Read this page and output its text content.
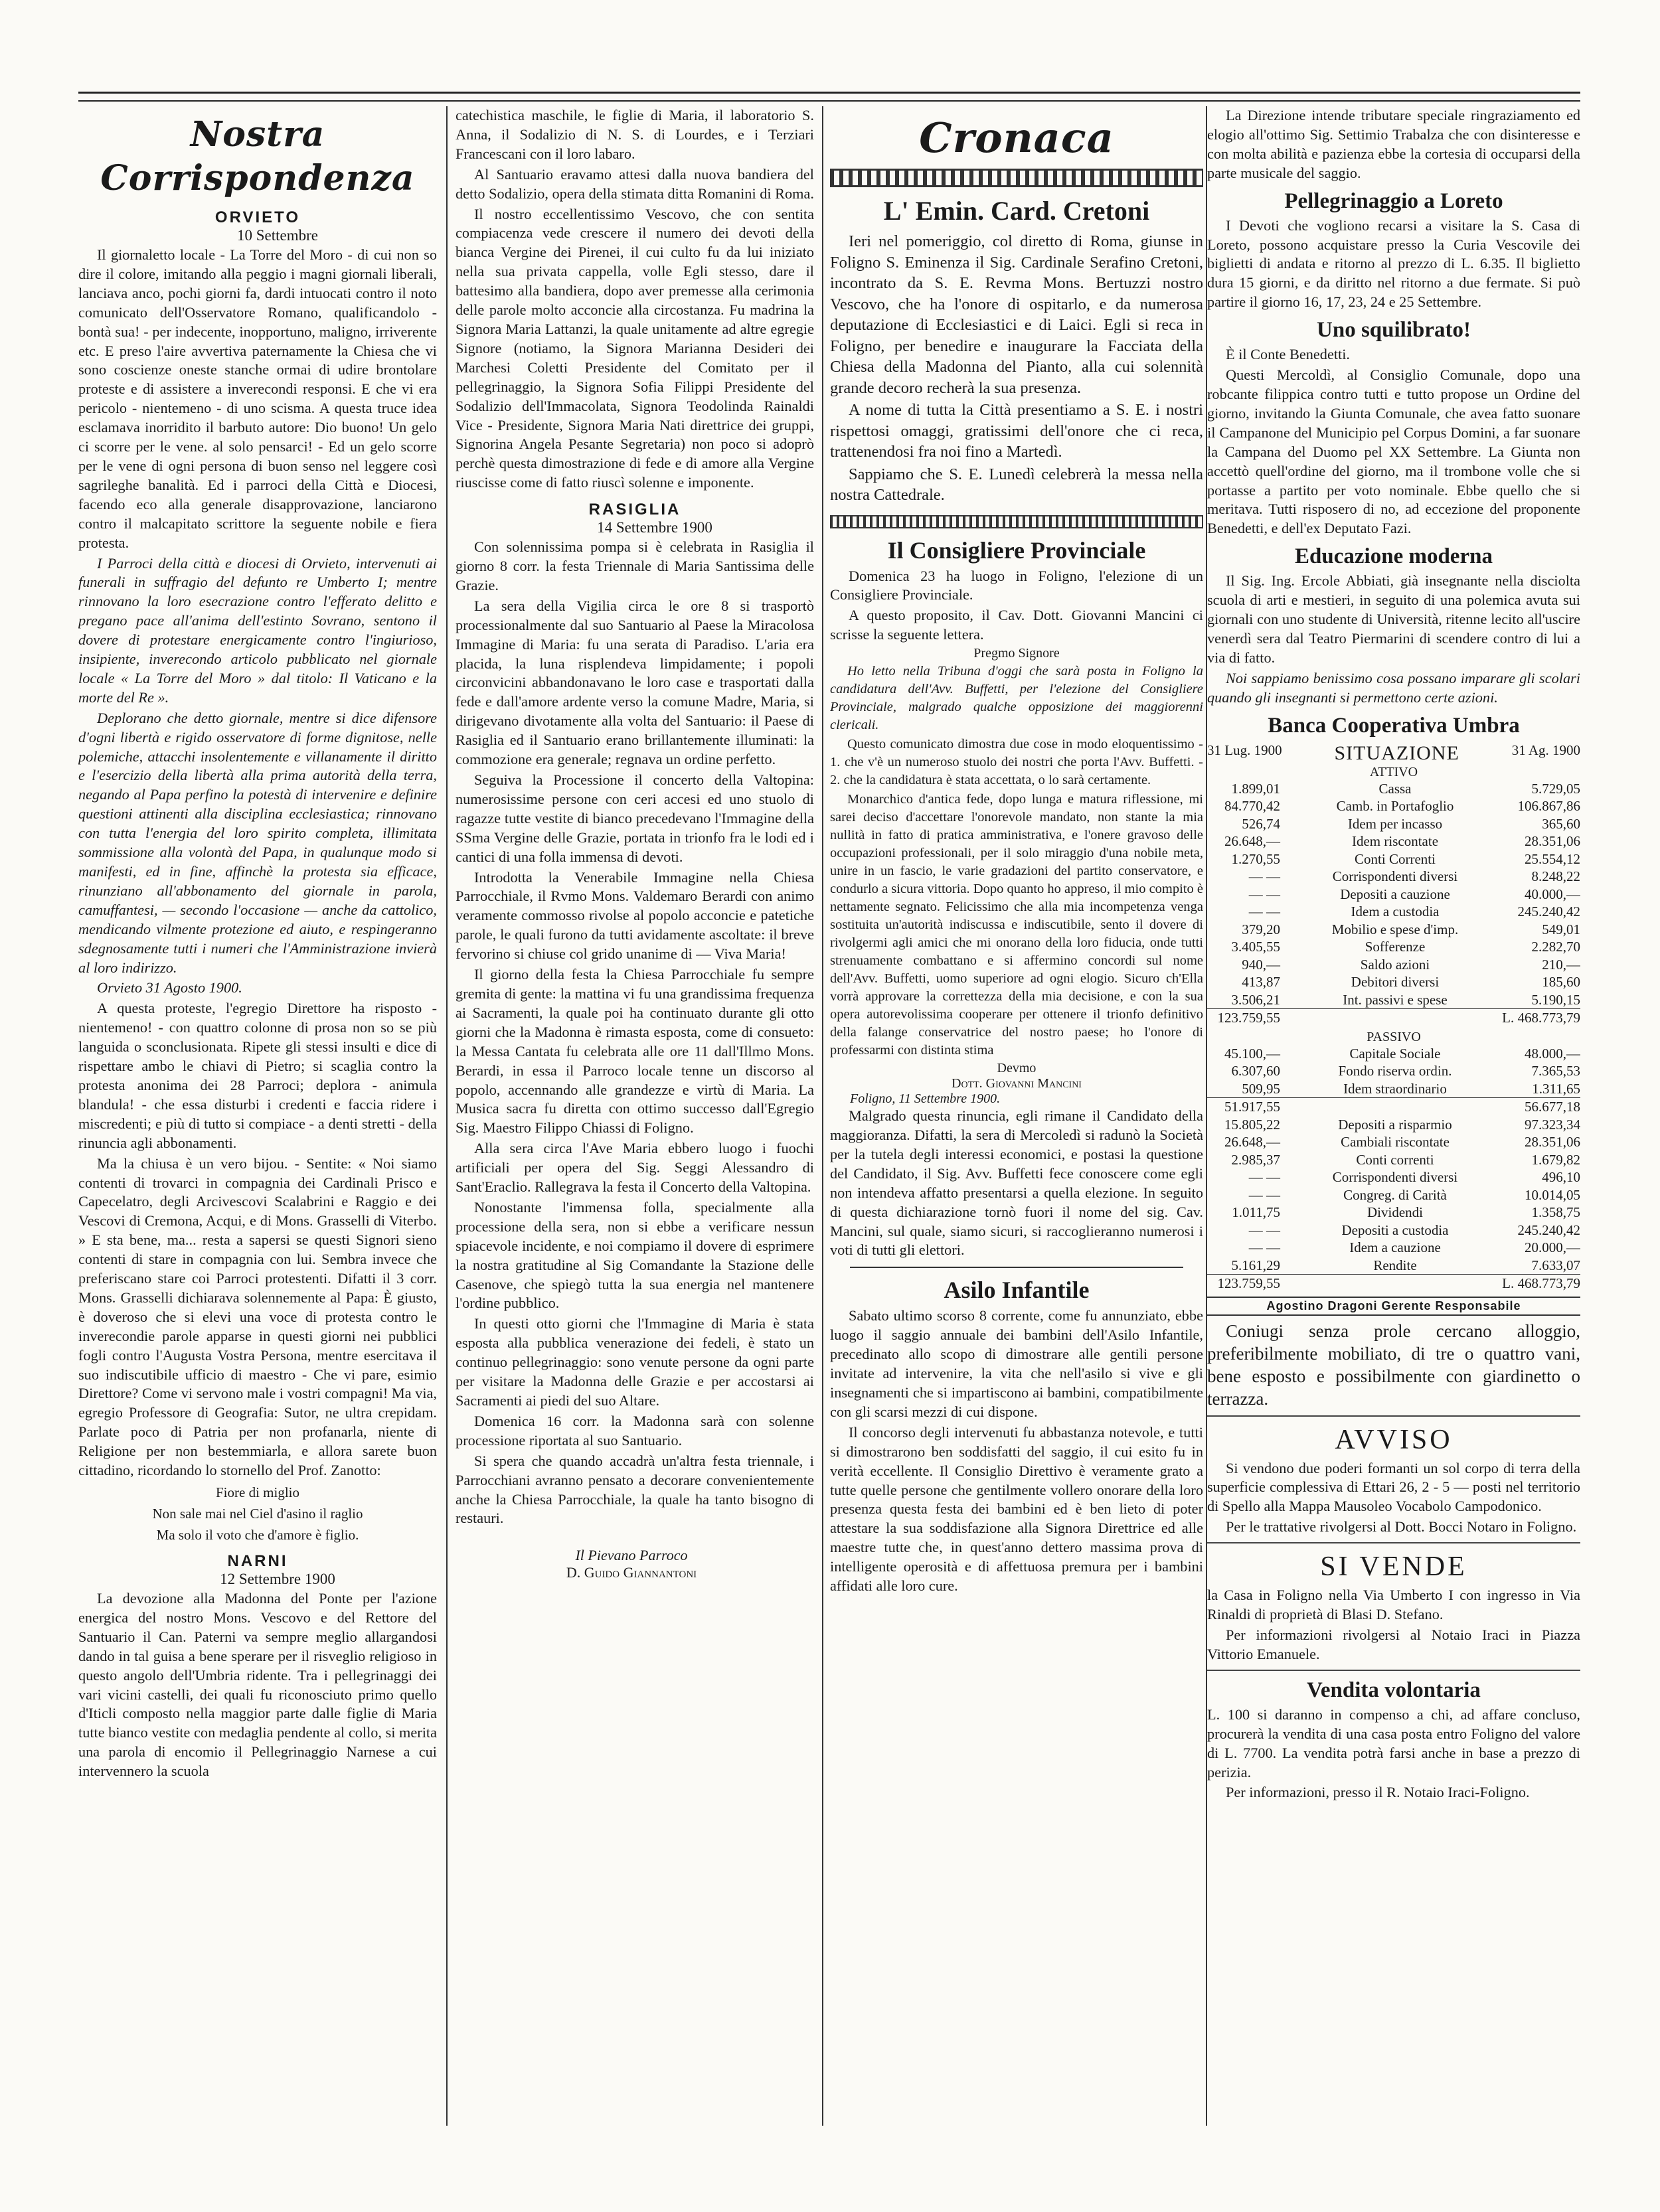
Nostra Corrispondenza
ORVIETO
10 Settembre

Il giornaletto locale - La Torre del Moro - di cui non so dire il colore, imitando alla peggio i magni giornali liberali, lanciava anco, pochi giorni fa, dardi intuocati contro il noto comunicato dell'Osservatore Romano, qualificandolo - bontà sua! - per indecente, inopportuno, maligno, irriverente etc. E preso l'aire avvertiva paternamente la Chiesa che vi sono coscienze oneste stanche ormai di udire brontolare proteste e di assistere a inverecondi responsi. E che vi era pericolo - nientemeno - di uno scisma. A questa truce idea esclamava inorridito il barbuto autore: Dio buono! Un gelo ci scorre per le vene. al solo pensarci! - Ed un gelo scorre per le vene di ogni persona di buon senso nel leggere così sagrileghe banalità. Ed i parroci della Città e Diocesi, facendo eco alla generale disapprovazione, lanciarono contro il malcapitato scrittore la seguente nobile e fiera protesta.

I Parroci della città e diocesi di Orvieto, intervenuti ai funerali in suffragio del defunto re Umberto I; mentre rinnovano la loro esecrazione contro l'efferato delitto e pregano pace all'anima dell'estinto Sovrano, sentono il dovere di protestare energicamente contro l'ingiurioso, insipiente, inverecondo articolo pubblicato nel giornale locale « La Torre del Moro » dal titolo: Il Vaticano e la morte del Re ».

Deplorano che detto giornale, mentre si dice difensore d'ogni libertà e rigido osservatore di forme dignitose, nelle polemiche, attacchi insolentemente e villanamente il diritto e l'esercizio della libertà alla prima autorità della terra, negando al Papa perfino la potestà di intervenire e definire questioni attinenti alla disciplina ecclesiastica; rinnovano con tutta l'energia del loro spirito completa, illimitata sommissione alla volontà del Papa, in qualunque modo si manifesti, ed in fine, affinchè la protesta sia efficace, rinunziano all'abbonamento del giornale in parola, camuffantesi, — secondo l'occasione — anche da cattolico, mendicando vilmente protezione ed aiuto, e respingeranno sdegnosamente tutti i numeri che l'Amministrazione invierà al loro indirizzo.

Orvieto 31 Agosto 1900.

A questa proteste, l'egregio Direttore ha risposto - nientemeno! - con quattro colonne di prosa non so se più languida o sconclusionata. Ripete gli stessi insulti e dice di rispettare ambo le chiavi di Pietro; si scaglia contro la protesta anonima dei 28 Parroci; deplora - animula blandula! - che essa disturbi i credenti e faccia ridere i miscredenti; e più di tutto si compiace - a denti stretti - della rinuncia agli abbonamenti.

Ma la chiusa è un vero bijou. - Sentite: « Noi siamo contenti di trovarci in compagnia dei Cardinali Prisco e Capecelatro, degli Arcivescovi Scalabrini e Raggio e dei Vescovi di Cremona, Acqui, e di Mons. Grasselli di Viterbo. » E sta bene, ma... resta a sapersi se questi Signori sieno contenti di stare in compagnia con lui. Sembra invece che preferiscano stare coi Parroci protestenti. Difatti il 3 corr. Mons. Grasselli dichiarava solennemente al Papa: È giusto, è doveroso che si elevi una voce di protesta contro le inverecondie parole apparse in questi giorni nei pubblici fogli contro l'Augusta Vostra Persona, mentre esercitava il suo indiscutibile ufficio di maestro - Che vi pare, esimio Direttore? Come vi servono male i vostri compagni! Ma via, egregio Professore di Geografia: Sutor, ne ultra crepidam. Parlate poco di Patria per non profanarla, niente di Religione per non bestemmiarla, e allora sarete buon cittadino, ricordando lo stornello del Prof. Zanotto:

Fiore di miglio
Non sale mai nel Ciel d'asino il raglio
Ma solo il voto che d'amore è figlio.
NARNI
12 Settembre 1900

La devozione alla Madonna del Ponte per l'azione energica del nostro Mons. Vescovo e del Rettore del Santuario il Can. Paterni va sempre meglio allargandosi dando in tal guisa a bene sperare per il risveglio religioso in questo angolo dell'Umbria ridente. Tra i pellegrinaggi dei vari vicini castelli, dei quali fu riconosciuto primo quello d'Iticli composto nella maggior parte dalle figlie di Maria tutte bianco vestite con medaglia pendente al collo, si merita una parola di encomio il Pellegrinaggio Narnese a cui intervennero la scuola

catechistica maschile, le figlie di Maria, il laboratorio S. Anna, il Sodalizio di N. S. di Lourdes, e i Terziari Francescani con il loro labaro.

Al Santuario eravamo attesi dalla nuova bandiera del detto Sodalizio, opera della stimata ditta Romanini di Roma.

Il nostro eccellentissimo Vescovo, che con sentita compiacenza vede crescere il numero dei devoti della bianca Vergine dei Pirenei, il cui culto fu da lui iniziato nella sua privata cappella, volle Egli stesso, dare il battesimo alla bandiera, dopo aver premesse alla cerimonia delle parole molto acconcie alla circostanza. Fu madrina la Signora Maria Lattanzi, la quale unitamente ad altre egregie Signore (notiamo, la Signora Marianna Desideri dei Marchesi Coletti Presidente del Comitato per il pellegrinaggio, la Signora Sofia Filippi Presidente del Sodalizio dell'Immacolata, Signora Teodolinda Rainaldi Vice - Presidente, Signora Maria Nati direttrice dei gruppi, Signorina Angela Pesante Segretaria) non poco si adoprò perchè questa dimostrazione di fede e di amore alla Vergine riuscisse come di fatto riuscì solenne e imponente.

RASIGLIA
14 Settembre 1900

Con solennissima pompa si è celebrata in Rasiglia il giorno 8 corr. la festa Triennale di Maria Santissima delle Grazie.

La sera della Vigilia circa le ore 8 si trasportò processionalmente dal suo Santuario al Paese la Miracolosa Immagine di Maria: fu una serata di Paradiso. L'aria era placida, la luna risplendeva limpidamente; i popoli circonvicini abbandonavano le loro case e trasportati dalla fede e dall'amore ardente verso la comune Madre, Maria, si dirigevano divotamente alla volta del Santuario: il Paese di Rasiglia ed il Santuario erano brillantemente illuminati: la commozione era generale; regnava un ordine perfetto.

Seguiva la Processione il concerto della Valtopina: numerosissime persone con ceri accesi ed uno stuolo di ragazze tutte vestite di bianco precedevano l'Immagine della SSma Vergine delle Grazie, portata in trionfo fra le lodi ed i cantici di una folla immensa di devoti.

Introdotta la Venerabile Immagine nella Chiesa Parrocchiale, il Rvmo Mons. Valdemaro Berardi con animo veramente commosso rivolse al popolo acconcie e patetiche parole, le quali furono da tutti avidamente ascoltate: il breve fervorino si chiuse col grido unanime di — Viva Maria!

Il giorno della festa la Chiesa Parrocchiale fu sempre gremita di gente: la mattina vi fu una grandissima frequenza ai Sacramenti, la quale poi ha continuato durante gli otto giorni che la Madonna è rimasta esposta, come di consueto: la Messa Cantata fu celebrata alle ore 11 dall'Illmo Mons. Berardi, in essa il Parroco locale tenne un discorso al popolo, accennando alle grandezze e virtù di Maria. La Musica sacra fu diretta con ottimo successo dall'Egregio Sig. Maestro Filippo Chiassi di Foligno.

Alla sera circa l'Ave Maria ebbero luogo i fuochi artificiali per opera del Sig. Seggi Alessandro di Sant'Eraclio. Rallegrava la festa il Concerto della Valtopina.

Nonostante l'immensa folla, specialmente alla processione della sera, non si ebbe a verificare nessun spiacevole incidente, e noi compiamo il dovere di esprimere la nostra gratitudine al Sig Comandante la Stazione delle Casenove, che spiegò tutta la sua energia nel mantenere l'ordine pubblico.

In questi otto giorni che l'Immagine di Maria è stata esposta alla pubblica venerazione dei fedeli, è stato un continuo pellegrinaggio: sono venute persone da ogni parte per visitare la Madonna delle Grazie e per accostarsi ai Sacramenti ai piedi del suo Altare.

Domenica 16 corr. la Madonna sarà con solenne processione riportata al suo Santuario.

Si spera che quando accadrà un'altra festa triennale, i Parrocchiani avranno pensato a decorare convenientemente anche la Chiesa Parrocchiale, la quale ha tanto bisogno di restauri.

Il Pievano Parroco
D. Guido Giannantoni
Cronaca
L' Emin. Card. Cretoni

Ieri nel pomeriggio, col diretto di Roma, giunse in Foligno S. Eminenza il Sig. Cardinale Serafino Cretoni, incontrato da S. E. Revma Mons. Bertuzzi nostro Vescovo, che ha l'onore di ospitarlo, e da numerosa deputazione di Ecclesiastici e di Laici. Egli si reca in Foligno, per benedire e inaugurare la Facciata della Chiesa della Madonna del Pianto, alla cui solennità grande decoro recherà la sua presenza.

A nome di tutta la Città presentiamo a S. E. i nostri rispettosi omaggi, gratissimi dell'onore che ci reca, trattenendosi fra noi fino a Martedì.

Sappiamo che S. E. Lunedì celebrerà la messa nella nostra Cattedrale.

Il Consigliere Provinciale

Domenica 23 ha luogo in Foligno, l'elezione di un Consigliere Provinciale.

A questo proposito, il Cav. Dott. Giovanni Mancini ci scrisse la seguente lettera.

Pregmo Signore
Ho letto nella Tribuna d'oggi che sarà posta in Foligno la candidatura dell'Avv. Buffetti, per l'elezione del Consigliere Provinciale, malgrado qualche opposizione dei maggiorenni clericali.
Questo comunicato dimostra due cose in modo eloquentissimo - 1. che v'è un numeroso stuolo dei nostri che porta l'Avv. Buffetti. - 2. che la candidatura è stata accettata, o lo sarà certamente.
Monarchico d'antica fede, dopo lunga e matura riflessione, mi sarei deciso d'accettare l'onorevole mandato, non stante la mia nullità in fatto di pratica amministrativa, e l'onere gravoso delle occupazioni professionali, per il solo miraggio d'una nobile meta, unire in un fascio, le varie gradazioni del partito conservatore, e condurlo a sicura vittoria. Dopo quanto ho appreso, il mio compito è nettamente segnato. Felicissimo che alla mia incompetenza venga sostituita un'autorità indiscussa e indiscutibile, sento il dovere di rivolgermi agli amici che mi onorano della loro fiducia, onde tutti strenuamente combattano e si affermino concordi sul nome dell'Avv. Buffetti, uomo superiore ad ogni elogio. Sicuro ch'Ella vorrà approvare la correttezza della mia decisione, e con la sua opera autorevolissima cooperare per ottenere il trionfo definitivo della falange conservatrice del nostro paese; ho l'onore di professarmi con distinta stima
Devmo
Dott. Giovanni Mancini
Foligno, 11 Settembre 1900.

Malgrado questa rinuncia, egli rimane il Candidato della maggioranza. Difatti, la sera di Mercoledì si radunò la Società per la tutela degli interessi economici, e postasi la questione del Candidato, il Sig. Avv. Buffetti fece conoscere come egli non intendeva affatto presentarsi a quella elezione. In seguito di questa dichiarazione tornò fuori il nome del sig. Cav. Mancini, sul quale, siamo sicuri, si raccoglieranno numerosi i voti di tutti gli elettori.

Asilo Infantile

Sabato ultimo scorso 8 corrente, come fu annunziato, ebbe luogo il saggio annuale dei bambini dell'Asilo Infantile, precedinato allo scopo di dimostrare alle gentili persone invitate ad intervenire, la vita che nell'asilo si vive e gli insegnamenti che si impartiscono ai bambini, compatibilmente con gli scarsi mezzi di cui dispone.

Il concorso degli intervenuti fu abbastanza notevole, e tutti si dimostrarono ben soddisfatti del saggio, il cui esito fu in verità eccellente. Il Consiglio Direttivo è veramente grato a tutte quelle persone che gentilmente vollero onorare della loro presenza questa festa dei bambini ed è ben lieto di poter attestare la sua soddisfazione alla Signora Direttrice ed alle maestre tutte che, in quest'anno dettero massima prova di intelligente operosità e di affettuosa premura per i bambini affidati alle loro cure.

La Direzione intende tributare speciale ringraziamento ed elogio all'ottimo Sig. Settimio Trabalza che con disinteresse e con molta abilità e pazienza ebbe la cortesia di occuparsi della parte musicale del saggio.

Pellegrinaggio a Loreto

I Devoti che vogliono recarsi a visitare la S. Casa di Loreto, possono acquistare presso la Curia Vescovile dei biglietti di andata e ritorno al prezzo di L. 6.35. Il biglietto dura 15 giorni, e da diritto nel ritorno a due fermate. Si può partire il giorno 16, 17, 23, 24 e 25 Settembre.

Uno squilibrato!

È il Conte Benedetti.

Questi Mercoldì, al Consiglio Comunale, dopo una robcante filippica contro tutti e tutto propose un Ordine del giorno, invitando la Giunta Comunale, che avea fatto suonare il Campanone del Municipio pel Corpus Domini, a far suonare la Campana del Duomo pel XX Settembre. La Giunta non accettò quell'ordine del giorno, ma il trombone volle che si portasse a partito per voto nominale. Ebbe quello che si meritava. Tutti risposero di no, ad eccezione del proponente Benedetti, e dell'ex Deputato Fazi.

Educazione moderna

Il Sig. Ing. Ercole Abbiati, già insegnante nella disciolta scuola di arti e mestieri, in seguito di una polemica avuta sui giornali con uno studente di Università, ritenne lecito all'uscire venerdì sera dal Teatro Piermarini di scendere contro di lui a via di fatto.

Noi sappiamo benissimo cosa possano imparare gli scolari quando gli insegnanti si permettono certe azioni.

Banca Cooperativa Umbra
31 Lug. 1900	SITUAZIONE	31 Ag. 1900
ATTIVO
1.899,01	Cassa	5.729,05
84.770,42	Camb. in Portafoglio	106.867,86
526,74	Idem per incasso	365,60
26.648,—	Idem riscontate	28.351,06
1.270,55	Conti Correnti	25.554,12
— —	Corrispondenti diversi	8.248,22
— —	Depositi a cauzione	40.000,—
— —	Idem a custodia	245.240,42
379,20	Mobilio e spese d'imp.	549,01
3.405,55	Sofferenze	2.282,70
940,—	Saldo azioni	210,—
413,87	Debitori diversi	185,60
3.506,21	Int. passivi e spese	5.190,15
123.759,55		L. 468.773,79
PASSIVO
45.100,—	Capitale Sociale	48.000,—
6.307,60	Fondo riserva ordin.	7.365,53
509,95	Idem straordinario	1.311,65
51.917,55		56.677,18
15.805,22	Depositi a risparmio	97.323,34
26.648,—	Cambiali riscontate	28.351,06
2.985,37	Conti correnti	1.679,82
— —	Corrispondenti diversi	496,10
— —	Congreg. di Carità	10.014,05
1.011,75	Dividendi	1.358,75
— —	Depositi a custodia	245.240,42
— —	Idem a cauzione	20.000,—
5.161,29	Rendite	7.633,07
123.759,55		L. 468.773,79
Agostino Dragoni Gerente Responsabile

Coniugi senza prole cercano alloggio, preferibilmente mobiliato, di tre o quattro vani, bene esposto e possibilmente con giardinetto o terrazza.

AVVISO

Si vendono due poderi formanti un sol corpo di terra della superficie complessiva di Ettari 26, 2 - 5 — posti nel territorio di Spello alla Mappa Mausoleo Vocabolo Campodonico.

Per le trattative rivolgersi al Dott. Bocci Notaro in Foligno.

SI VENDE

la Casa in Foligno nella Via Umberto I con ingresso in Via Rinaldi di proprietà di Blasi D. Stefano.

Per informazioni rivolgersi al Notaio Iraci in Piazza Vittorio Emanuele.

Vendita volontaria

L. 100 si daranno in compenso a chi, ad affare concluso, procurerà la vendita di una casa posta entro Foligno del valore di L. 7700. La vendita potrà farsi anche in base a prezzo di perizia.

Per informazioni, presso il R. Notaio Iraci-Foligno.
